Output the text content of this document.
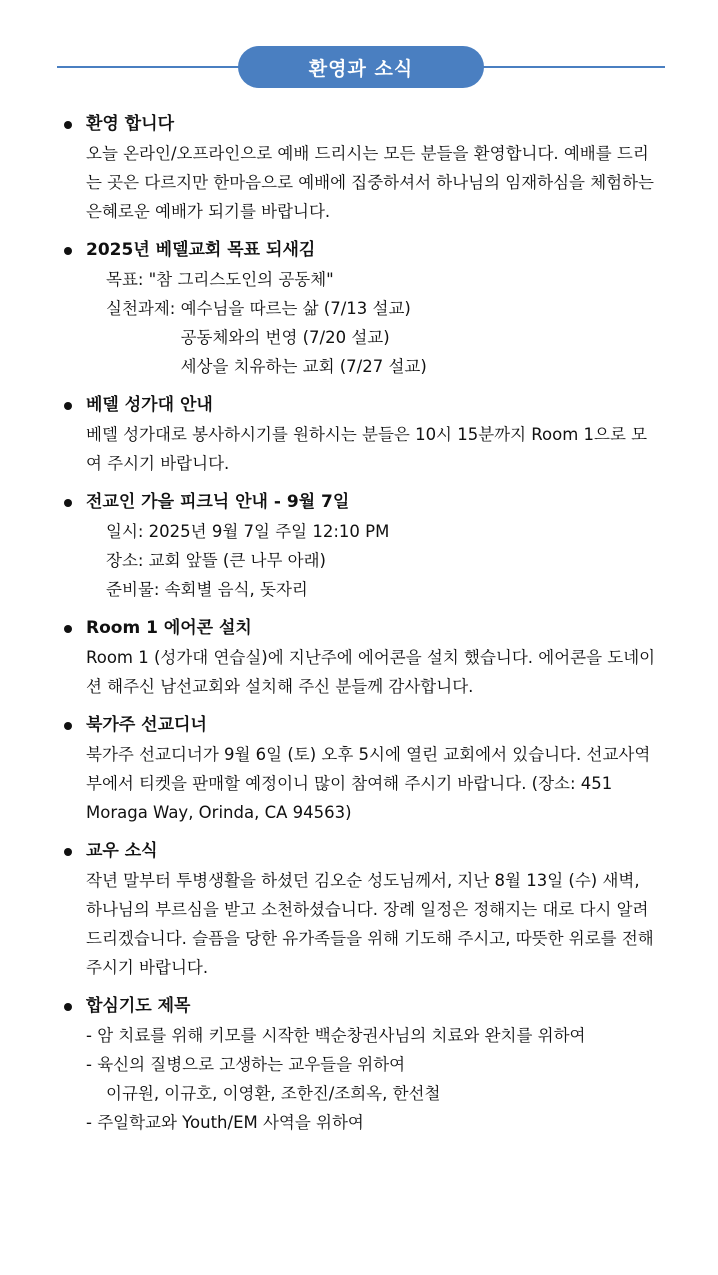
환영과 소식
환영 합니다
오늘 온라인/오프라인으로 예배 드리시는 모든 분들을 환영합니다. 예배를 드리는 곳은 다르지만 한마음으로 예배에 집중하셔서 하나님의 임재하심을 체험하는 은혜로운 예배가 되기를 바랍니다.
2025년 베델교회 목표 되새김
목표: "참 그리스도인의 공동체"
실천과제: 예수님을 따르는 삶 (7/13 설교)
공동체와의 번영 (7/20 설교)
세상을 치유하는 교회 (7/27 설교)
베델 성가대 안내
베델 성가대로 봉사하시기를 원하시는 분들은 10시 15분까지 Room 1으로 모여 주시기 바랍니다.
전교인 가을 피크닉 안내 - 9월 7일
일시: 2025년 9월 7일 주일 12:10 PM
장소: 교회 앞뜰 (큰 나무 아래)
준비물: 속회별 음식, 돗자리
Room 1 에어콘 설치
Room 1 (성가대 연습실)에 지난주에 에어콘을 설치 했습니다. 에어콘을 도네이션 해주신 남선교회와 설치해 주신 분들께 감사합니다.
북가주 선교디너
북가주 선교디너가 9월 6일 (토) 오후 5시에 열린 교회에서 있습니다. 선교사역부에서 티켓을 판매할 예정이니 많이 참여해 주시기 바랍니다. (장소: 451 Moraga Way, Orinda, CA 94563)
교우 소식
작년 말부터 투병생활을 하셨던 김오순 성도님께서, 지난 8월 13일 (수) 새벽, 하나님의 부르심을 받고 소천하셨습니다. 장례 일정은 정해지는 대로 다시 알려드리겠습니다. 슬픔을 당한 유가족들을 위해 기도해 주시고, 따뜻한 위로를 전해주시기 바랍니다.
합심기도 제목
- 암 치료를 위해 키모를 시작한 백순창권사님의 치료와 완치를 위하여
- 육신의 질병으로 고생하는 교우들을 위하여
이규원, 이규호, 이영환, 조한진/조희옥, 한선철
- 주일학교와 Youth/EM 사역을 위하여
